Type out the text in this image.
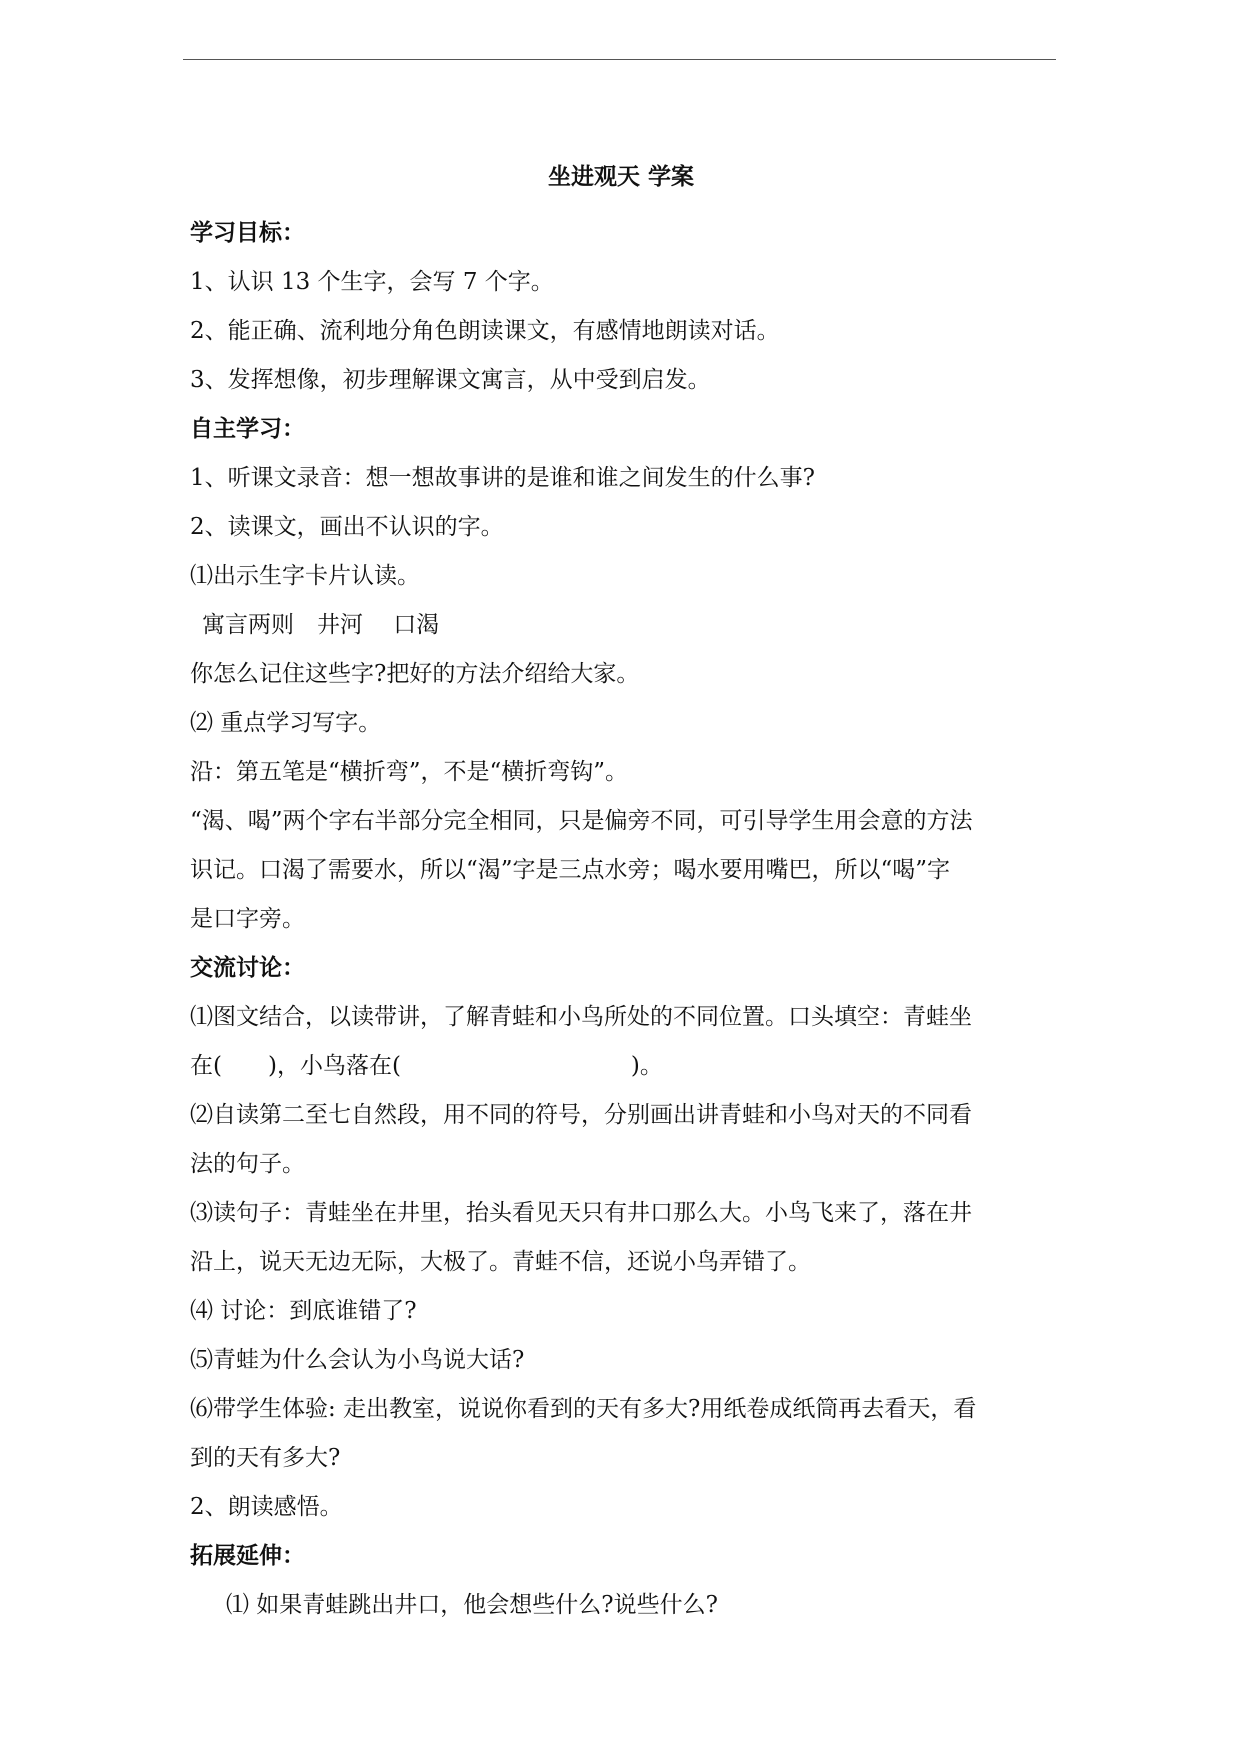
坐进观天 学案
学习目标：
1、认识 13 个生字，会写 7 个字。
2、能正确、流利地分角色朗读课文，有感情地朗读对话。
3、发挥想像，初步理解课文寓言，从中受到启发。
自主学习：
1、听课文录音：想一想故事讲的是谁和谁之间发生的什么事?
2、读课文，画出不认识的字。
⑴出示生字卡片认读。
寓言两则　井河　 口渴
你怎么记住这些字?把好的方法介绍给大家。
⑵ 重点学习写字。
沿：第五笔是“横折弯”，不是“横折弯钩”。
“渴、喝”两个字右半部分完全相同，只是偏旁不同，可引导学生用会意的方法
识记。口渴了需要水，所以“渴”字是三点水旁；喝水要用嘴巴，所以“喝”字
是口字旁。
交流讨论：
⑴图文结合，以读带讲，了解青蛙和小鸟所处的不同位置。口头填空：青蛙坐
在(　　)，小鸟落在(　　　　　　　　　　)。
⑵自读第二至七自然段，用不同的符号，分别画出讲青蛙和小鸟对天的不同看
法的句子。
⑶读句子：青蛙坐在井里，抬头看见天只有井口那么大。小鸟飞来了，落在井
沿上，说天无边无际，大极了。青蛙不信，还说小鸟弄错了。
⑷ 讨论：到底谁错了?
⑸青蛙为什么会认为小鸟说大话?
⑹带学生体验: 走出教室，说说你看到的天有多大?用纸卷成纸筒再去看天，看
到的天有多大?
2、朗读感悟。
拓展延伸：
⑴ 如果青蛙跳出井口，他会想些什么?说些什么?
